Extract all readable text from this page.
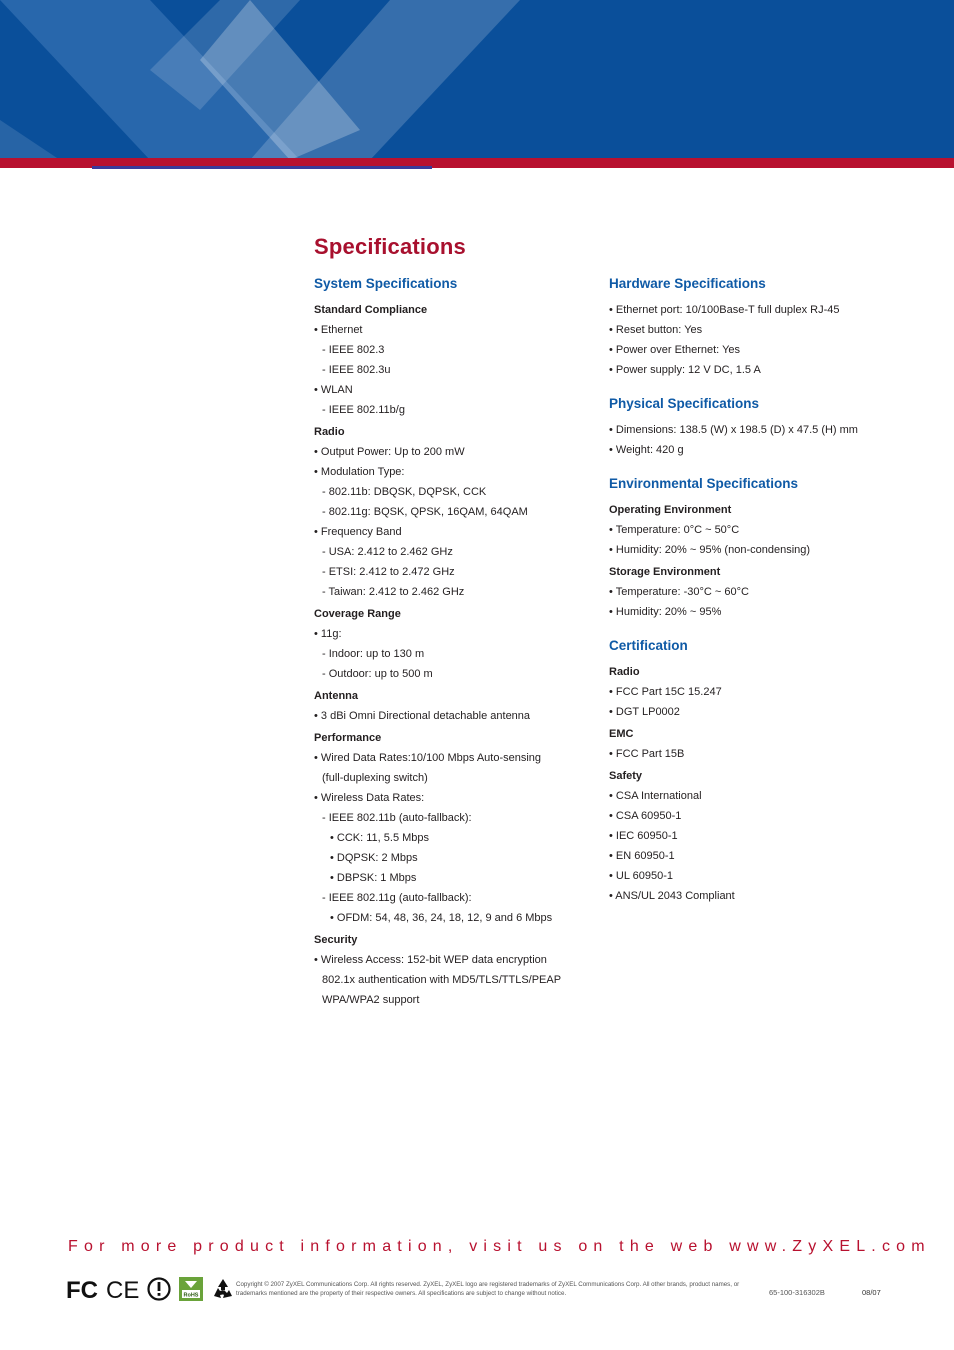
Specifications
System Specifications
Standard Compliance
• Ethernet
- IEEE 802.3
- IEEE 802.3u
• WLAN
- IEEE 802.11b/g
Radio
• Output Power: Up to 200 mW
• Modulation Type:
- 802.11b: DBQSK, DQPSK, CCK
- 802.11g: BQSK, QPSK, 16QAM, 64QAM
• Frequency Band
- USA: 2.412 to 2.462 GHz
- ETSI: 2.412 to 2.472 GHz
- Taiwan: 2.412 to 2.462 GHz
Coverage Range
• 11g:
- Indoor: up to 130 m
- Outdoor: up to 500 m
Antenna
• 3 dBi Omni Directional detachable antenna
Performance
• Wired Data Rates:10/100 Mbps Auto-sensing
(full-duplexing switch)
• Wireless Data Rates:
- IEEE 802.11b (auto-fallback):
• CCK: 11, 5.5 Mbps
• DQPSK: 2 Mbps
• DBPSK: 1 Mbps
- IEEE 802.11g (auto-fallback):
• OFDM: 54, 48, 36, 24, 18, 12, 9 and 6 Mbps
Security
• Wireless Access: 152-bit WEP data encryption
802.1x authentication with MD5/TLS/TTLS/PEAP
WPA/WPA2 support
Hardware Specifications
• Ethernet port: 10/100Base-T full duplex RJ-45
• Reset button: Yes
• Power over Ethernet: Yes
• Power supply: 12 V DC, 1.5 A
Physical Specifications
• Dimensions: 138.5 (W) x 198.5 (D) x 47.5 (H) mm
• Weight: 420 g
Environmental Specifications
Operating Environment
• Temperature: 0°C ~ 50°C
• Humidity: 20% ~ 95% (non-condensing)
Storage Environment
• Temperature: -30°C ~ 60°C
• Humidity: 20% ~ 95%
Certification
Radio
• FCC Part 15C 15.247
• DGT LP0002
EMC
• FCC Part 15B
Safety
• CSA International
• CSA 60950-1
• IEC 60950-1
• EN 60950-1
• UL 60950-1
• ANS/UL 2043 Compliant
For more product information, visit us on the web www.ZyXEL.com
FC CE	RoHS
Copyright © 2007 ZyXEL Communications Corp. All rights reserved. ZyXEL, ZyXEL logo are registered trademarks of ZyXEL Communications Corp. All other brands, product names, or trademarks mentioned are the property of their respective owners. All specifications are subject to change without notice.	65-100-316302B	08/07
